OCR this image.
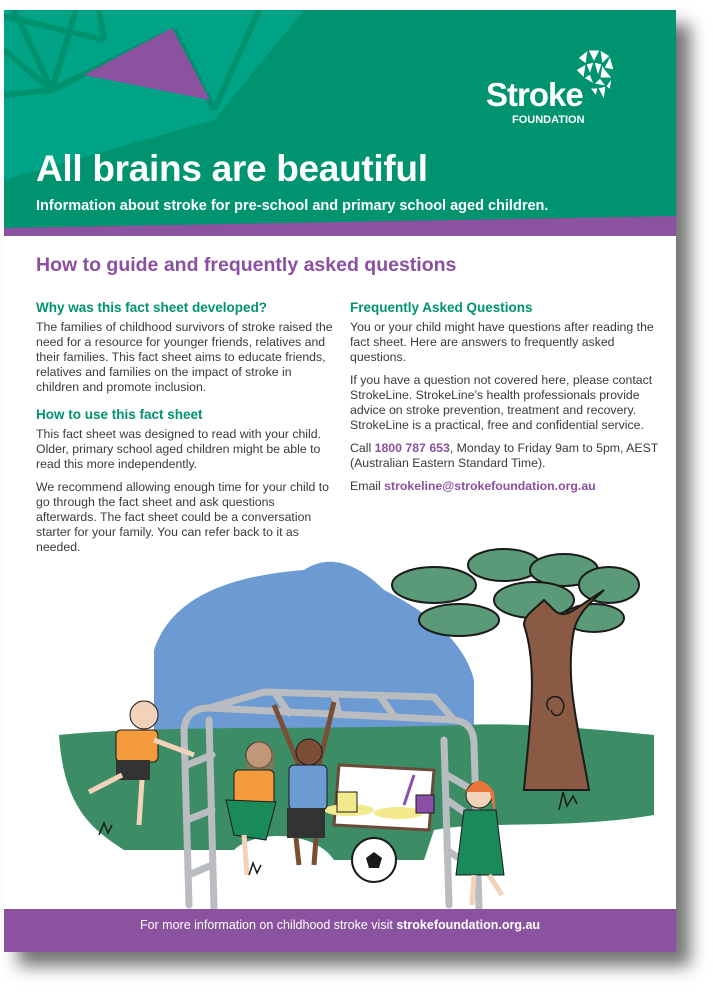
Stroke
FOUNDATION
All brains are beautiful

Information about stroke for pre-school and primary school aged children.

How to guide and frequently asked questions
Why was this fact sheet developed?

The families of childhood survivors of stroke raised the need for a resource for younger friends, relatives and their families. This fact sheet aims to educate friends, relatives and families on the impact of stroke in children and promote inclusion.

How to use this fact sheet

This fact sheet was designed to read with your child. Older, primary school aged children might be able to read this more independently.

We recommend allowing enough time for your child to go through the fact sheet and ask questions afterwards. The fact sheet could be a conversation starter for your family. You can refer back to it as needed.

Frequently Asked Questions

You or your child might have questions after reading the fact sheet. Here are answers to frequently asked questions.

If you have a question not covered here, please contact StrokeLine. StrokeLine’s health professionals provide advice on stroke prevention, treatment and recovery. StrokeLine is a practical, free and confidential service.

Call 1800 787 653, Monday to Friday 9am to 5pm, AEST (Australian Eastern Standard Time).

Email strokeline@strokefoundation.org.au

For more information on childhood stroke visit strokefoundation.org.au
